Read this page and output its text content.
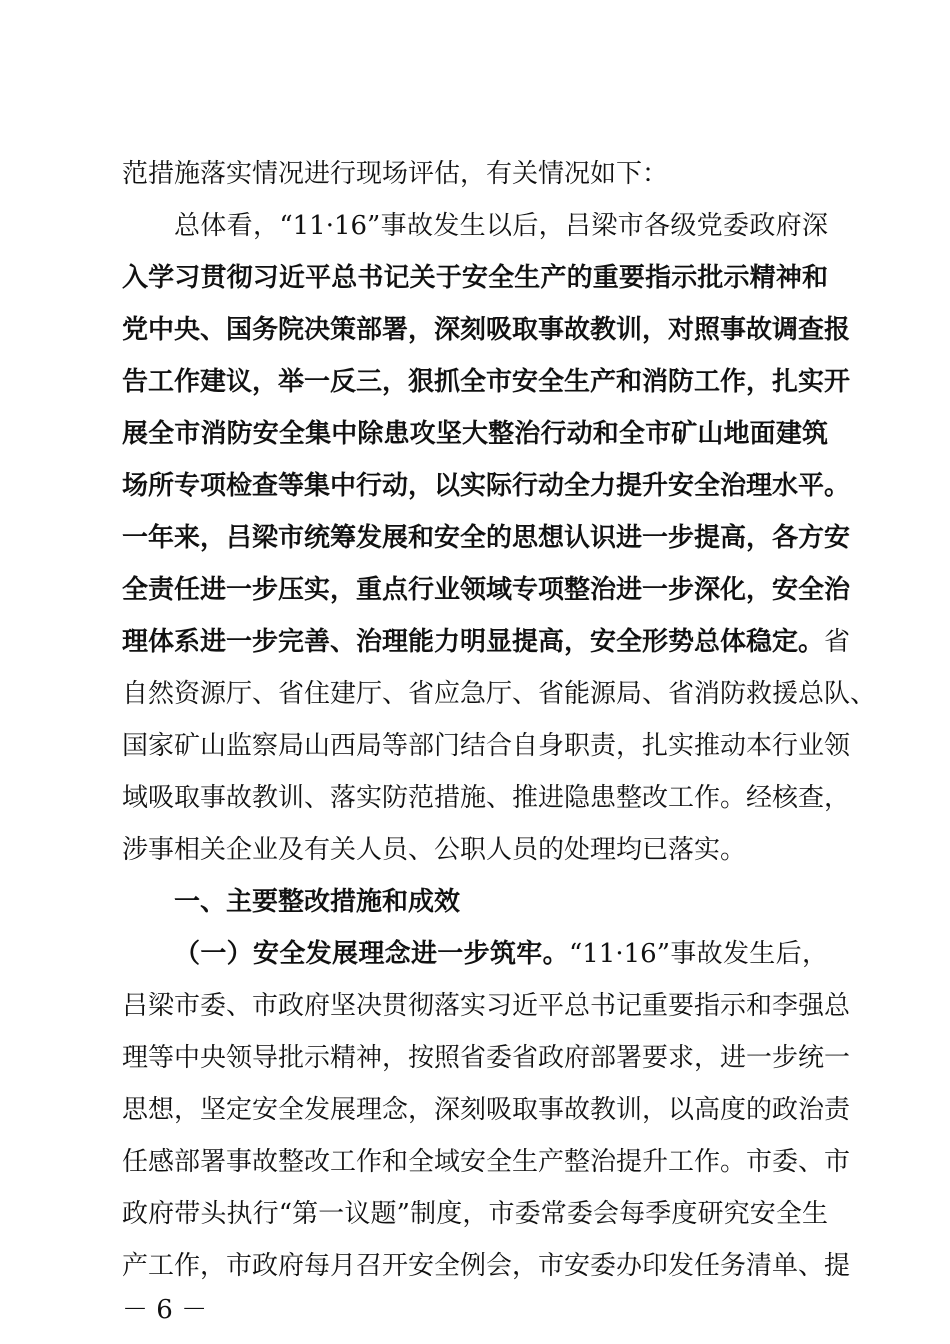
范措施落实情况进行现场评估，有关情况如下：
总体看，“11·16”事故发生以后，吕梁市各级党委政府深
入学习贯彻习近平总书记关于安全生产的重要指示批示精神和
党中央、国务院决策部署，深刻吸取事故教训，对照事故调查报
告工作建议，举一反三，狠抓全市安全生产和消防工作，扎实开
展全市消防安全集中除患攻坚大整治行动和全市矿山地面建筑
场所专项检查等集中行动，以实际行动全力提升安全治理水平。
一年来，吕梁市统筹发展和安全的思想认识进一步提高，各方安
全责任进一步压实，重点行业领域专项整治进一步深化，安全治
理体系进一步完善、治理能力明显提高，安全形势总体稳定。省
自然资源厅、省住建厅、省应急厅、省能源局、省消防救援总队、
国家矿山监察局山西局等部门结合自身职责，扎实推动本行业领
域吸取事故教训、落实防范措施、推进隐患整改工作。经核查，
涉事相关企业及有关人员、公职人员的处理均已落实。
一、主要整改措施和成效
（一）安全发展理念进一步筑牢。“11·16”事故发生后，
吕梁市委、市政府坚决贯彻落实习近平总书记重要指示和李强总
理等中央领导批示精神，按照省委省政府部署要求，进一步统一
思想，坚定安全发展理念，深刻吸取事故教训，以高度的政治责
任感部署事故整改工作和全域安全生产整治提升工作。市委、市
政府带头执行“第一议题”制度，市委常委会每季度研究安全生
产工作，市政府每月召开安全例会，市安委办印发任务清单、提
－ 6 －
